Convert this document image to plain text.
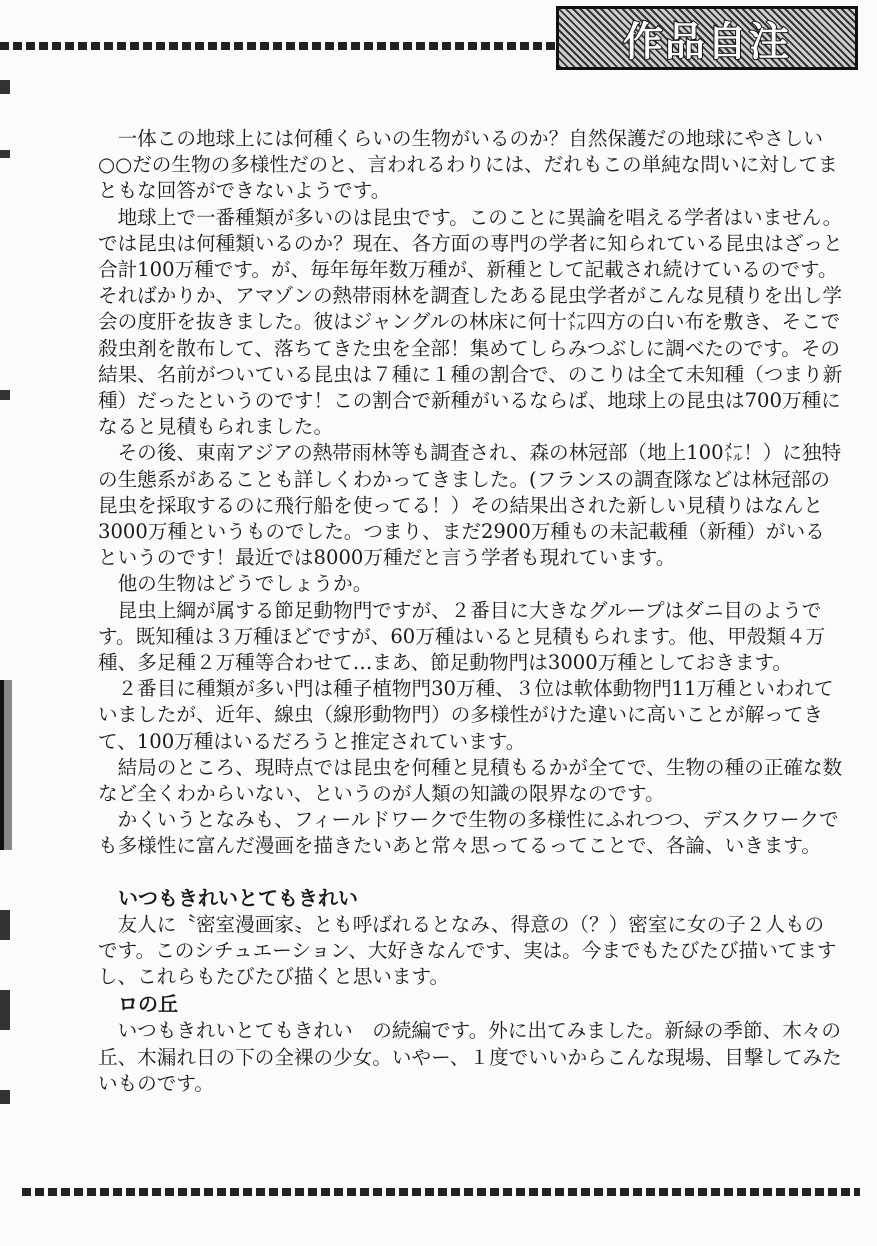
作品自注

一体この地球上には何種くらいの生物がいるのか？自然保護だの地球にやさしい○○だの生物の多様性だのと、言われるわりには、だれもこの単純な問いに対してまともな回答ができないようです。

地球上で一番種類が多いのは昆虫です。このことに異論を唱える学者はいません。では昆虫は何種類いるのか？現在、各方面の専門の学者に知られている昆虫はざっと合計100万種です。が、毎年毎年数万種が、新種として記載され続けているのです。そればかりか、アマゾンの熱帯雨林を調査したある昆虫学者がこんな見積りを出し学会の度肝を抜きました。彼はジャングルの林床に何十㍍四方の白い布を敷き、そこで殺虫剤を散布して、落ちてきた虫を全部！集めてしらみつぶしに調べたのです。その結果、名前がついている昆虫は７種に１種の割合で、のこりは全て未知種（つまり新種）だったというのです！この割合で新種がいるならば、地球上の昆虫は700万種になると見積もられました。

その後、東南アジアの熱帯雨林等も調査され、森の林冠部（地上100㍍！）に独特の生態系があることも詳しくわかってきました。(フランスの調査隊などは林冠部の昆虫を採取するのに飛行船を使ってる！）その結果出された新しい見積りはなんと3000万種というものでした。つまり、まだ2900万種もの未記載種（新種）がいるというのです！最近では8000万種だと言う学者も現れています。

他の生物はどうでしょうか。

昆虫上綱が属する節足動物門ですが、２番目に大きなグループはダニ目のようです。既知種は３万種ほどですが、60万種はいると見積もられます。他、甲殻類４万種、多足種２万種等合わせて…まあ、節足動物門は3000万種としておきます。

２番目に種類が多い門は種子植物門30万種、３位は軟体動物門11万種といわれていましたが、近年、線虫（線形動物門）の多様性がけた違いに高いことが解ってきて、100万種はいるだろうと推定されています。

結局のところ、現時点では昆虫を何種と見積もるかが全てで、生物の種の正確な数など全くわからいない、というのが人類の知識の限界なのです。

かくいうとなみも、フィールドワークで生物の多様性にふれつつ、デスクワークでも多様性に富んだ漫画を描きたいあと常々思ってるってことで、各論、いきます。

いつもきれいとてもきれい

友人に〝密室漫画家〟とも呼ばれるとなみ、得意の（？）密室に女の子２人ものです。このシチュエーション、大好きなんです、実は。今までもたびたび描いてますし、これらもたびたび描くと思います。

ロの丘

いつもきれいとてもきれい　の続編です。外に出てみました。新緑の季節、木々の丘、木漏れ日の下の全裸の少女。いやー、１度でいいからこんな現場、目撃してみたいものです。
